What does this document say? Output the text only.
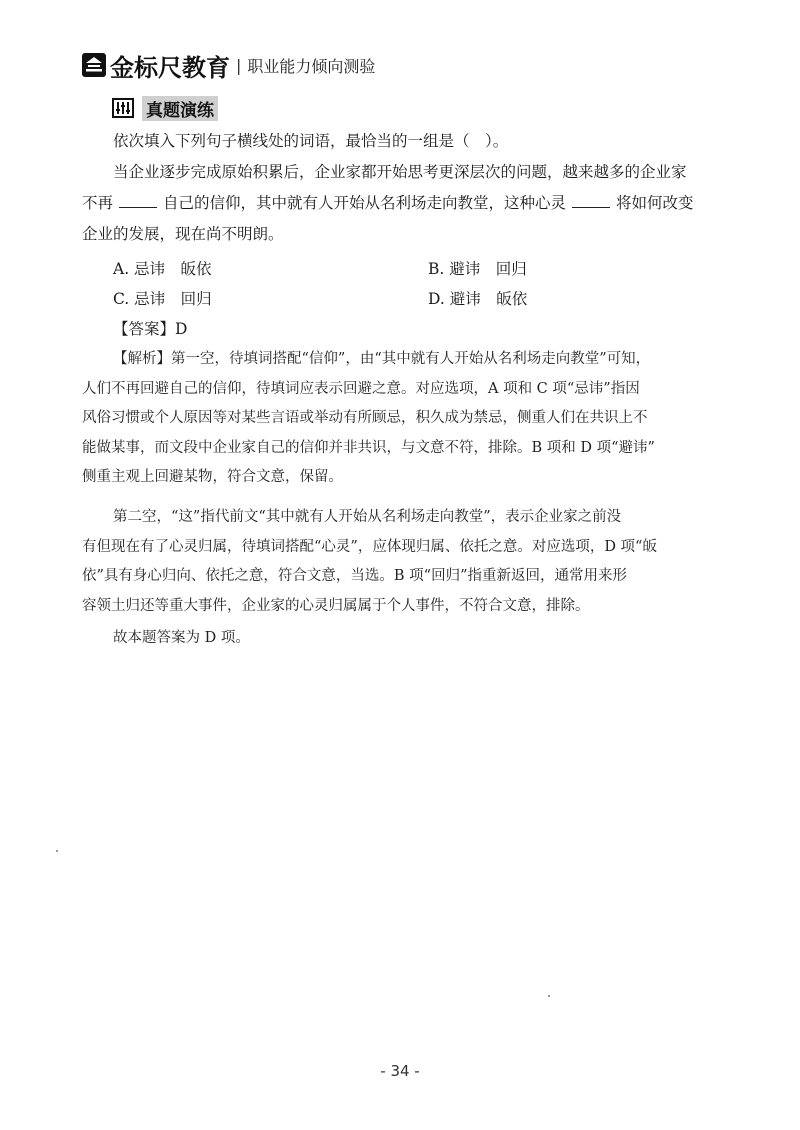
金标尺教育 | 职业能力倾向测验
真题演练

依次填入下列句子横线处的词语，最恰当的一组是（　）。

当企业逐步完成原始积累后，企业家都开始思考更深层次的问题，越来越多的企业家

不再	自己的信仰，其中就有人开始从名利场走向教堂，这种心灵	将如何改变

企业的发展，现在尚不明朗。

A. 忌讳　皈依	B. 避讳　回归
C. 忌讳　回归	D. 避讳　皈依
【答案】D

【解析】第一空，待填词搭配“信仰”，由“其中就有人开始从名利场走向教堂”可知，

人们不再回避自己的信仰，待填词应表示回避之意。对应选项，A 项和 C 项“忌讳”指因

风俗习惯或个人原因等对某些言语或举动有所顾忌，积久成为禁忌，侧重人们在共识上不

能做某事，而文段中企业家自己的信仰并非共识，与文意不符，排除。B 项和 D 项“避讳”

侧重主观上回避某物，符合文意，保留。

第二空，“这”指代前文“其中就有人开始从名利场走向教堂”，表示企业家之前没

有但现在有了心灵归属，待填词搭配“心灵”，应体现归属、依托之意。对应选项，D 项“皈

依”具有身心归向、依托之意，符合文意，当选。B 项“回归”指重新返回，通常用来形

容领土归还等重大事件，企业家的心灵归属属于个人事件，不符合文意，排除。

故本题答案为 D 项。

- 34 -
